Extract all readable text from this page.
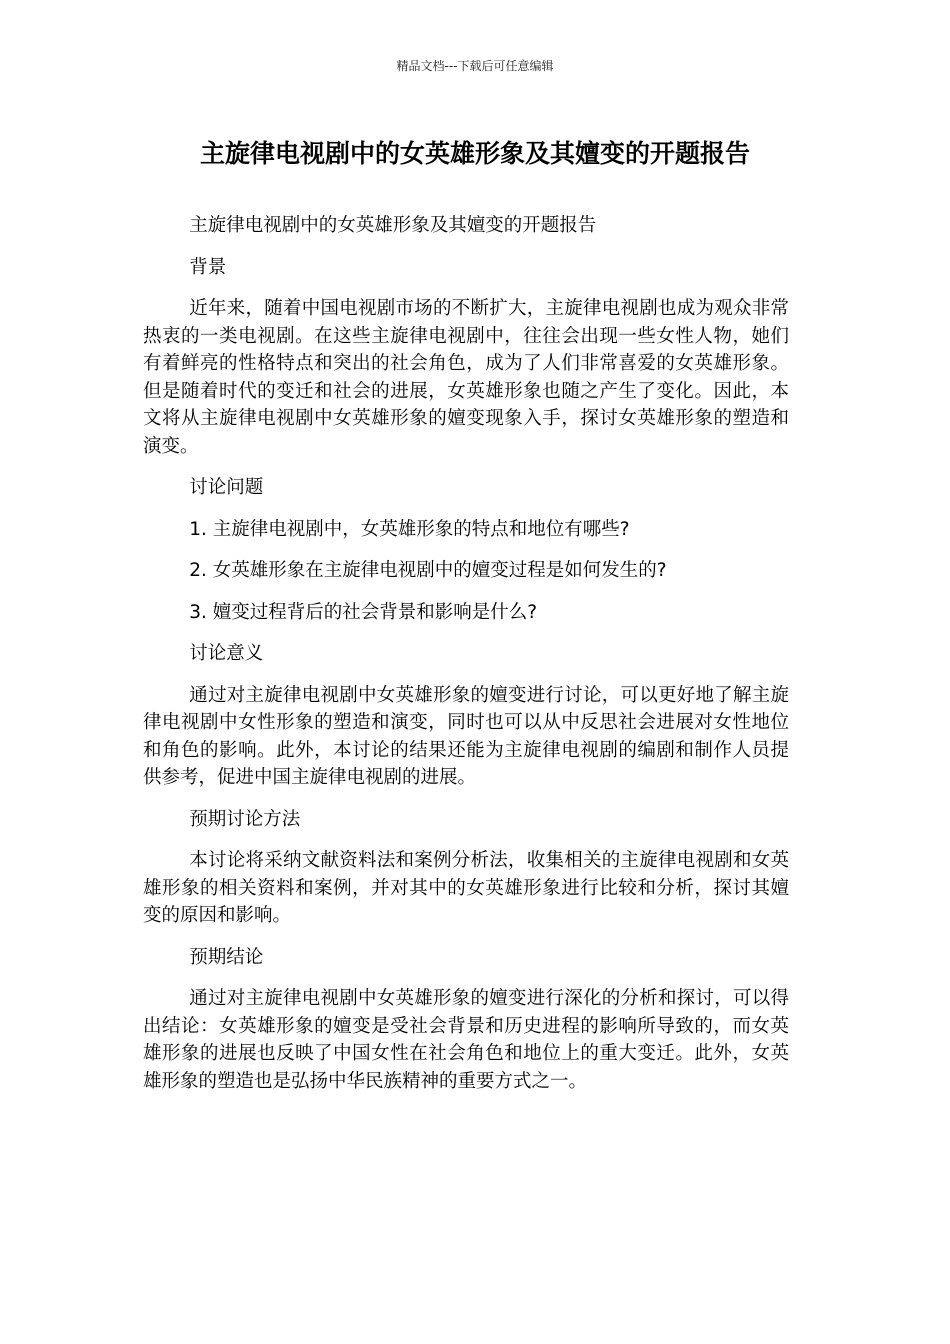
精品文档---下载后可任意编辑
主旋律电视剧中的女英雄形象及其嬗变的开题报告

主旋律电视剧中的女英雄形象及其嬗变的开题报告

背景

近年来，随着中国电视剧市场的不断扩大，主旋律电视剧也成为观众非常热衷的一类电视剧。在这些主旋律电视剧中，往往会出现一些女性人物，她们有着鲜亮的性格特点和突出的社会角色，成为了人们非常喜爱的女英雄形象。但是随着时代的变迁和社会的进展，女英雄形象也随之产生了变化。因此，本文将从主旋律电视剧中女英雄形象的嬗变现象入手，探讨女英雄形象的塑造和演变。

讨论问题

1. 主旋律电视剧中，女英雄形象的特点和地位有哪些?

2. 女英雄形象在主旋律电视剧中的嬗变过程是如何发生的?

3. 嬗变过程背后的社会背景和影响是什么?

讨论意义

通过对主旋律电视剧中女英雄形象的嬗变进行讨论，可以更好地了解主旋律电视剧中女性形象的塑造和演变，同时也可以从中反思社会进展对女性地位和角色的影响。此外，本讨论的结果还能为主旋律电视剧的编剧和制作人员提供参考，促进中国主旋律电视剧的进展。

预期讨论方法

本讨论将采纳文献资料法和案例分析法，收集相关的主旋律电视剧和女英雄形象的相关资料和案例，并对其中的女英雄形象进行比较和分析，探讨其嬗变的原因和影响。

预期结论

通过对主旋律电视剧中女英雄形象的嬗变进行深化的分析和探讨，可以得出结论：女英雄形象的嬗变是受社会背景和历史进程的影响所导致的，而女英雄形象的进展也反映了中国女性在社会角色和地位上的重大变迁。此外，女英雄形象的塑造也是弘扬中华民族精神的重要方式之一。
